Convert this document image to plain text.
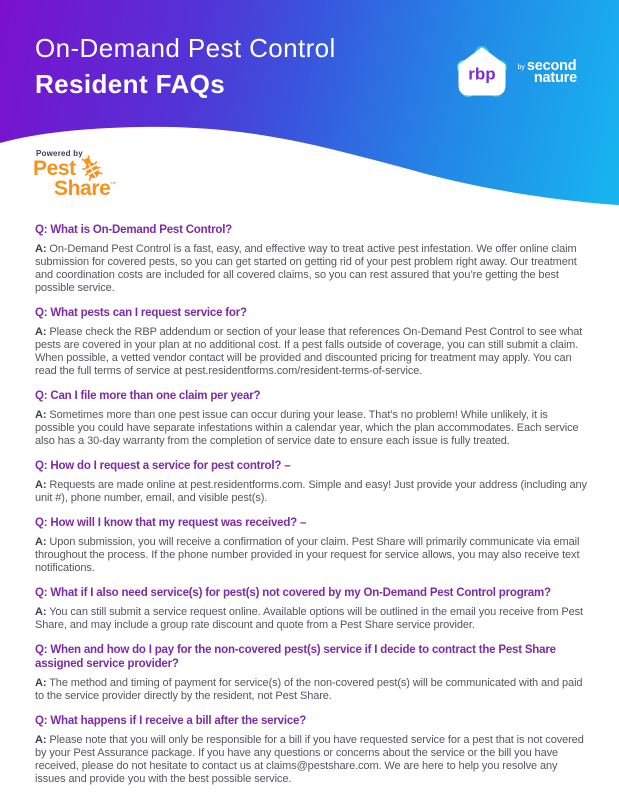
On-Demand Pest Control
Resident FAQs	rbp	by second
nature
Powered by
Pest
Share ™

Q: What is On-Demand Pest Control?

A: On-Demand Pest Control is a fast, easy, and effective way to treat active pest infestation. We offer online claim submission for covered pests, so you can get started on getting rid of your pest problem right away. Our treatment and coordination costs are included for all covered claims, so you can rest assured that you’re getting the best possible service.

Q: What pests can I request service for?

A: Please check the RBP addendum or section of your lease that references On-Demand Pest Control to see what pests are covered in your plan at no additional cost. If a pest falls outside of coverage, you can still submit a claim. When possible, a vetted vendor contact will be provided and discounted pricing for treatment may apply. You can read the full terms of service at pest.residentforms.com/resident-terms-of-service.

Q: Can I file more than one claim per year?

A: Sometimes more than one pest issue can occur during your lease. That’s no problem! While unlikely, it is possible you could have separate infestations within a calendar year, which the plan accommodates. Each service also has a 30-day warranty from the completion of service date to ensure each issue is fully treated.

Q: How do I request a service for pest control? –

A: Requests are made online at pest.residentforms.com. Simple and easy! Just provide your address (including any unit #), phone number, email, and visible pest(s).

Q: How will I know that my request was received? –

A: Upon submission, you will receive a confirmation of your claim. Pest Share will primarily communicate via email throughout the process. If the phone number provided in your request for service allows, you may also receive text notifications.

Q: What if I also need service(s) for pest(s) not covered by my On-Demand Pest Control program?

A: You can still submit a service request online. Available options will be outlined in the email you receive from Pest Share, and may include a group rate discount and quote from a Pest Share service provider.

Q: When and how do I pay for the non-covered pest(s) service if I decide to contract the Pest Share assigned service provider?

A: The method and timing of payment for service(s) of the non-covered pest(s) will be communicated with and paid to the service provider directly by the resident, not Pest Share.

Q: What happens if I receive a bill after the service?

A: Please note that you will only be responsible for a bill if you have requested service for a pest that is not covered by your Pest Assurance package. If you have any questions or concerns about the service or the bill you have received, please do not hesitate to contact us at claims@pestshare.com. We are here to help you resolve any issues and provide you with the best possible service.
